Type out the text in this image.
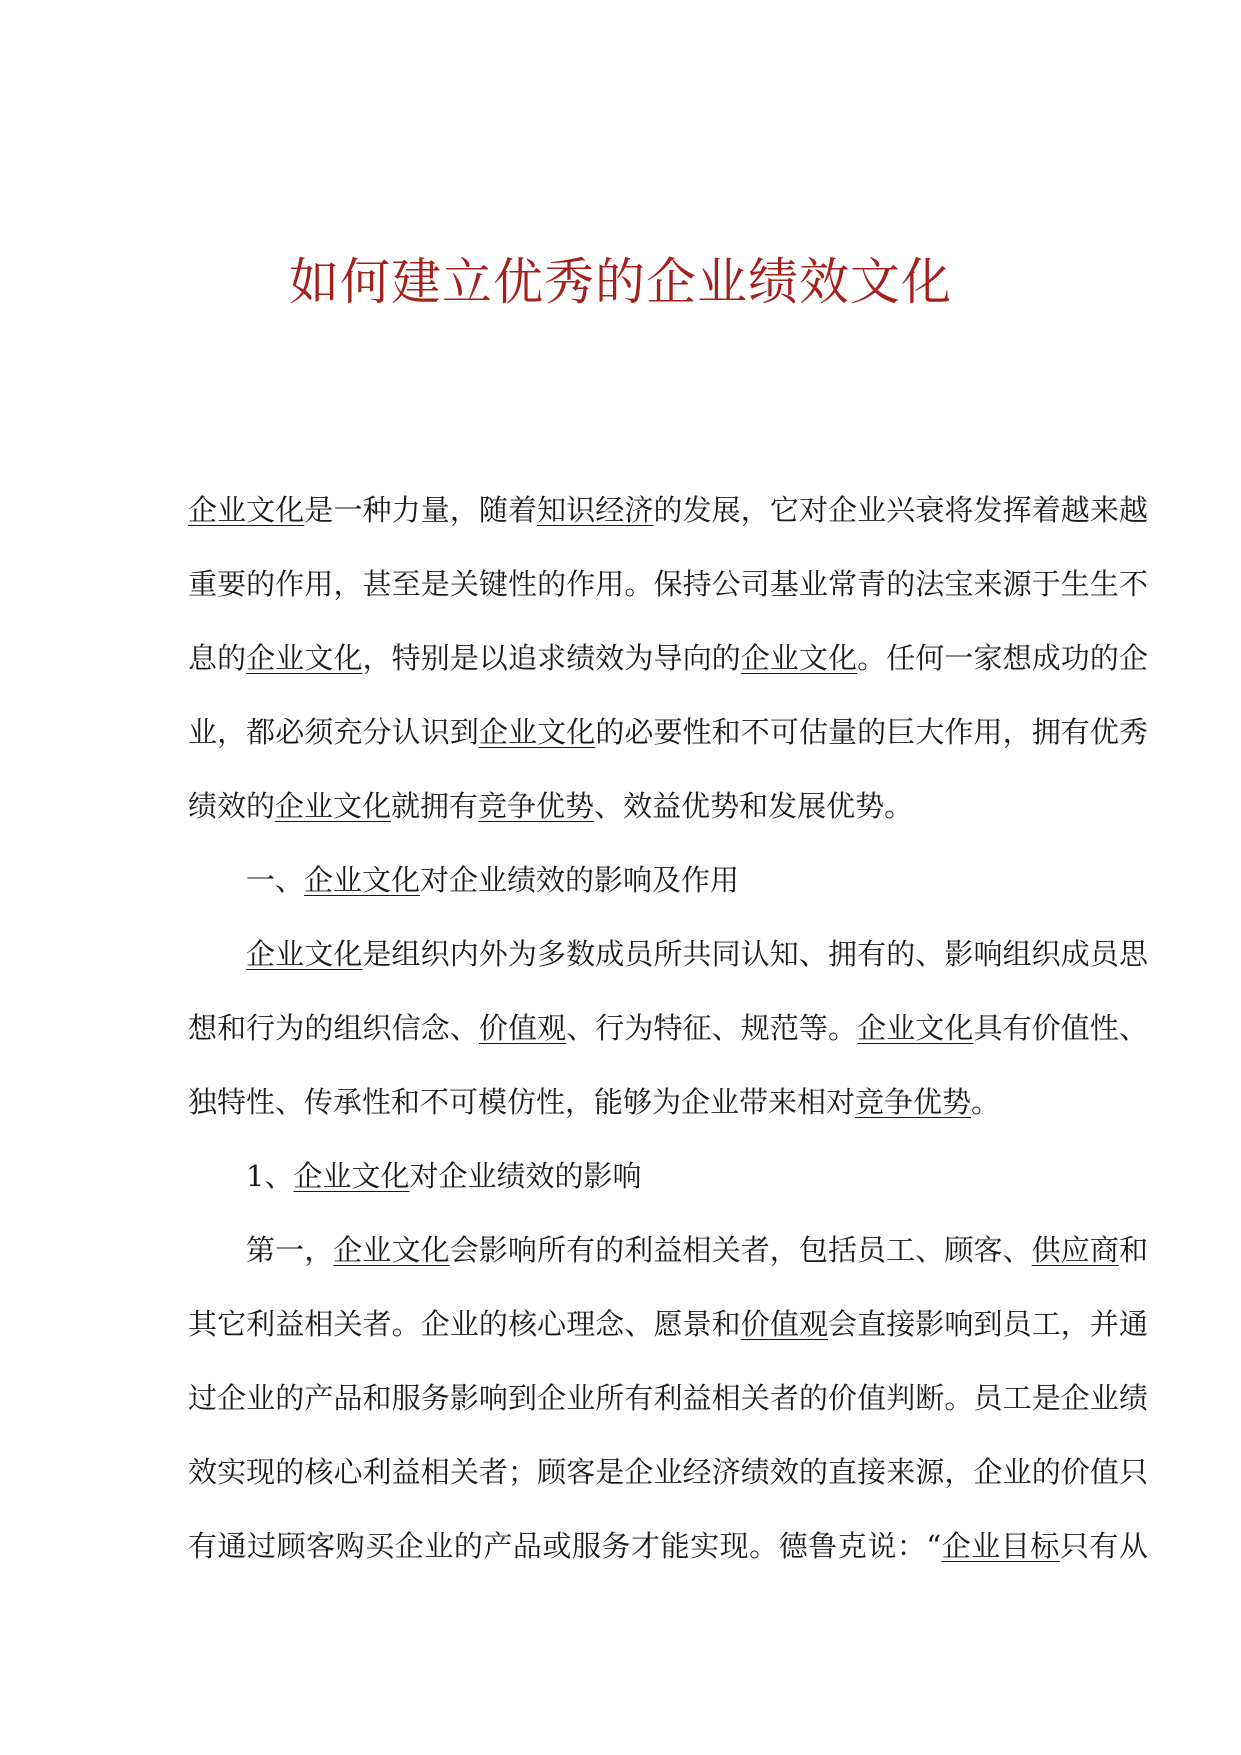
如何建立优秀的企业绩效文化
企业文化是一种力量，随着知识经济的发展，它对企业兴衰将发挥着越来越
重要的作用，甚至是关键性的作用。保持公司基业常青的法宝来源于生生不
息的企业文化，特别是以追求绩效为导向的企业文化。任何一家想成功的企
业，都必须充分认识到企业文化的必要性和不可估量的巨大作用，拥有优秀
绩效的企业文化就拥有竞争优势、效益优势和发展优势。
一、企业文化对企业绩效的影响及作用
企业文化是组织内外为多数成员所共同认知、拥有的、影响组织成员思
想和行为的组织信念、价值观、行为特征、规范等。企业文化具有价值性、
独特性、传承性和不可模仿性，能够为企业带来相对竞争优势。
1、企业文化对企业绩效的影响
第一，企业文化会影响所有的利益相关者，包括员工、顾客、供应商和
其它利益相关者。企业的核心理念、愿景和价值观会直接影响到员工，并通
过企业的产品和服务影响到企业所有利益相关者的价值判断。员工是企业绩
效实现的核心利益相关者；顾客是企业经济绩效的直接来源，企业的价值只
有通过顾客购买企业的产品或服务才能实现。德鲁克说：“企业目标只有从
